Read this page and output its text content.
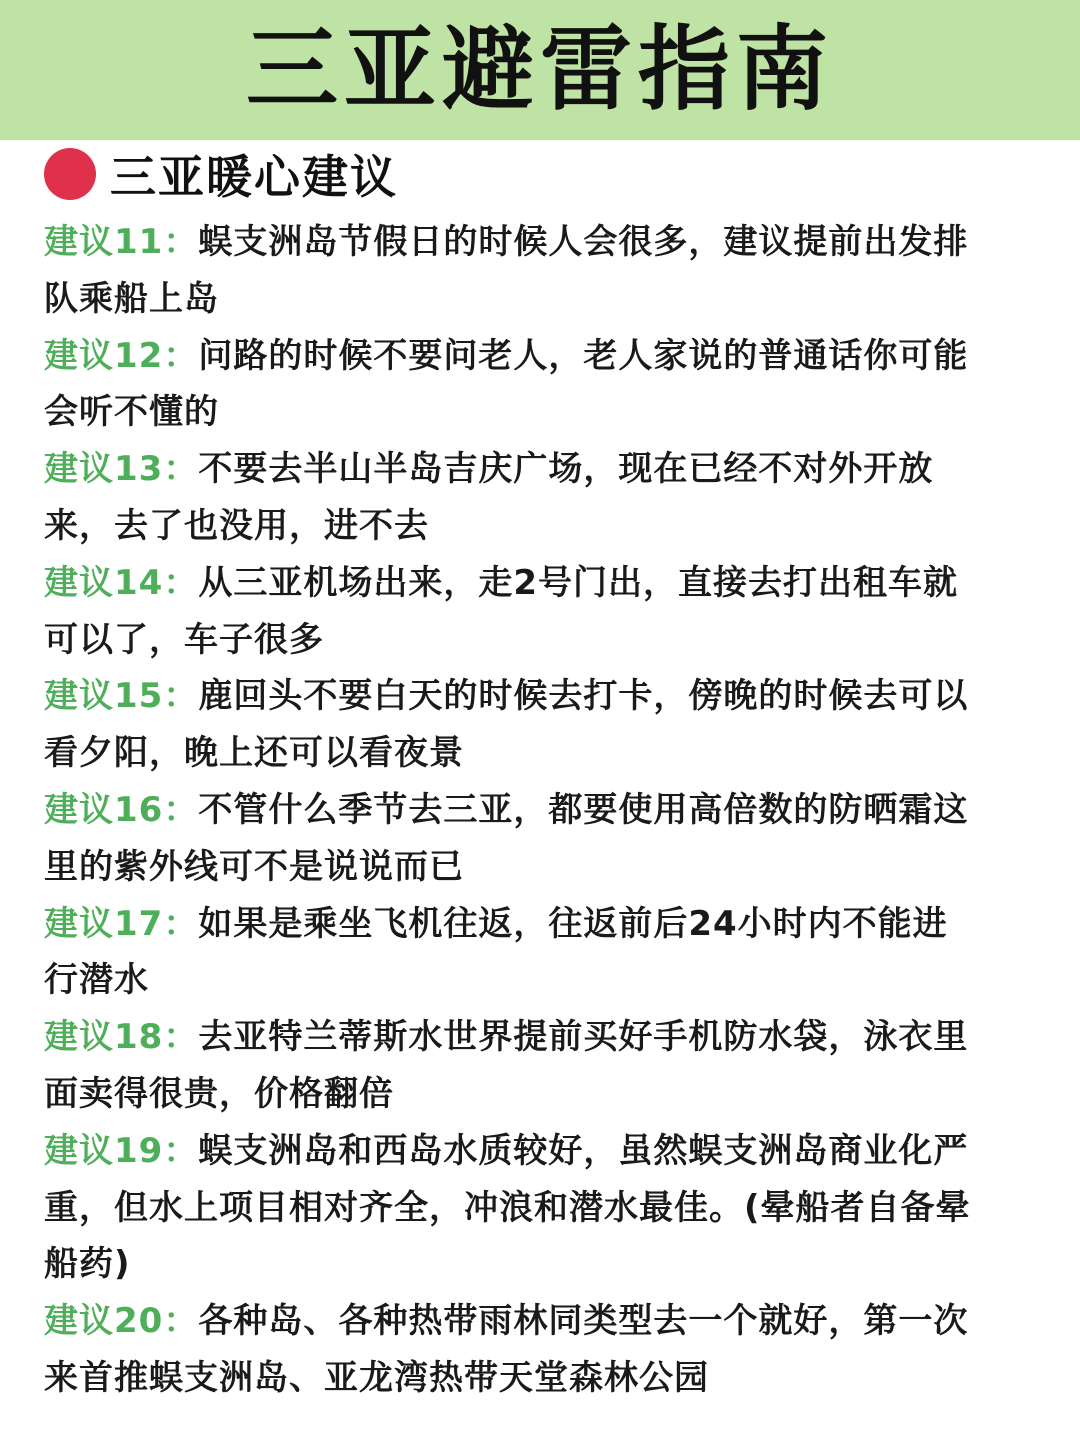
三亚避雷指南
三亚暖心建议

建议11：蜈支洲岛节假日的时候人会很多，建议提前出发排队乘船上岛

建议12：问路的时候不要问老人，老人家说的普通话你可能会听不懂的

建议13：不要去半山半岛吉庆广场，现在已经不对外开放来，去了也没用，进不去

建议14：从三亚机场出来，走2号门出，直接去打出租车就可以了，车子很多

建议15：鹿回头不要白天的时候去打卡，傍晚的时候去可以看夕阳，晚上还可以看夜景

建议16：不管什么季节去三亚，都要使用高倍数的防晒霜这里的紫外线可不是说说而已

建议17：如果是乘坐飞机往返，往返前后24小时内不能进行潜水

建议18：去亚特兰蒂斯水世界提前买好手机防水袋，泳衣里面卖得很贵，价格翻倍

建议19：蜈支洲岛和西岛水质较好，虽然蜈支洲岛商业化严重，但水上项目相对齐全，冲浪和潜水最佳。(晕船者自备晕船药)

建议20：各种岛、各种热带雨林同类型去一个就好，第一次来首推蜈支洲岛、亚龙湾热带天堂森林公园
